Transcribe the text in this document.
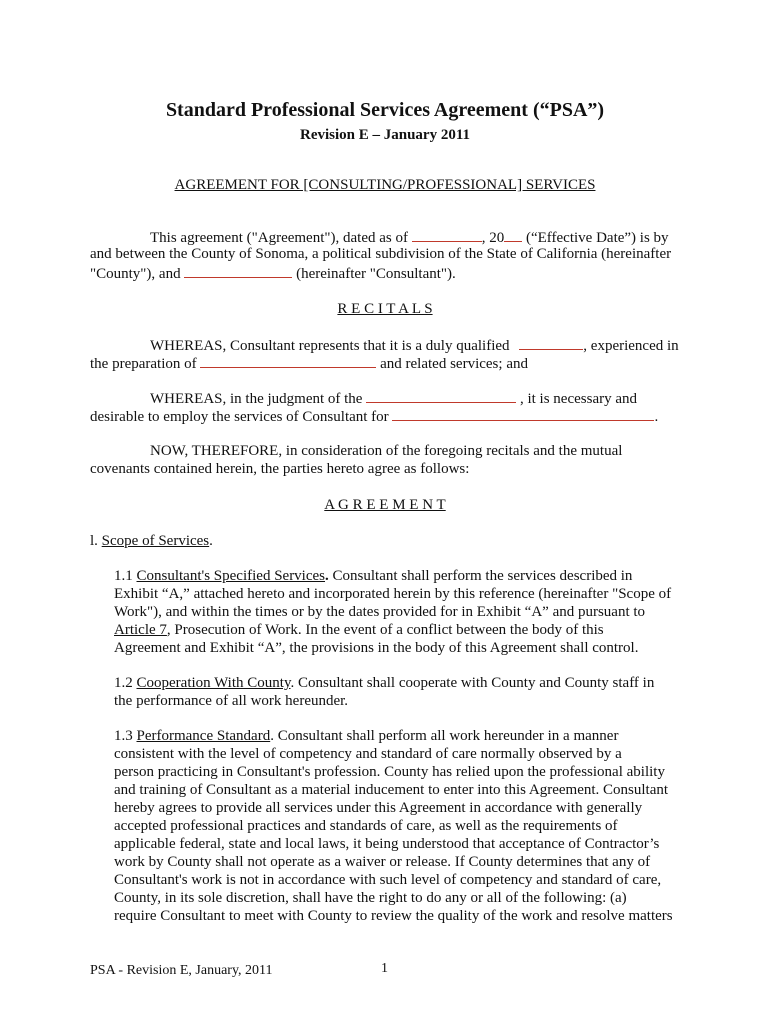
Standard Professional Services Agreement (“PSA”)
Revision E – January 2011
AGREEMENT FOR [CONSULTING/PROFESSIONAL] SERVICES
This agreement ("Agreement"), dated as of	, 20 (“Effective Date”) is by
and between the County of Sonoma, a political subdivision of the State of California (hereinafter
"County"), and	(hereinafter "Consultant").
R E C I T A L S
WHEREAS, Consultant represents that it is a duly qualified	, experienced in
the preparation of	and related services; and
WHEREAS, in the judgment of the	, it is necessary and
desirable to employ the services of Consultant for	.
NOW, THEREFORE, in consideration of the foregoing recitals and the mutual
covenants contained herein, the parties hereto agree as follows:
A G R E E M E N T
l. Scope of Services.
1.1 Consultant's Specified Services. Consultant shall perform the services described in
Exhibit “A,” attached hereto and incorporated herein by this reference (hereinafter "Scope of
Work"), and within the times or by the dates provided for in Exhibit “A” and pursuant to
Article 7, Prosecution of Work. In the event of a conflict between the body of this
Agreement and Exhibit “A”, the provisions in the body of this Agreement shall control.
1.2 Cooperation With County. Consultant shall cooperate with County and County staff in
the performance of all work hereunder.
1.3 Performance Standard. Consultant shall perform all work hereunder in a manner
consistent with the level of competency and standard of care normally observed by a
person practicing in Consultant's profession. County has relied upon the professional ability
and training of Consultant as a material inducement to enter into this Agreement. Consultant
hereby agrees to provide all services under this Agreement in accordance with generally
accepted professional practices and standards of care, as well as the requirements of
applicable federal, state and local laws, it being understood that acceptance of Contractor’s
work by County shall not operate as a waiver or release. If County determines that any of
Consultant's work is not in accordance with such level of competency and standard of care,
County, in its sole discretion, shall have the right to do any or all of the following: (a)
require Consultant to meet with County to review the quality of the work and resolve matters
PSA - Revision E, January, 2011	1
